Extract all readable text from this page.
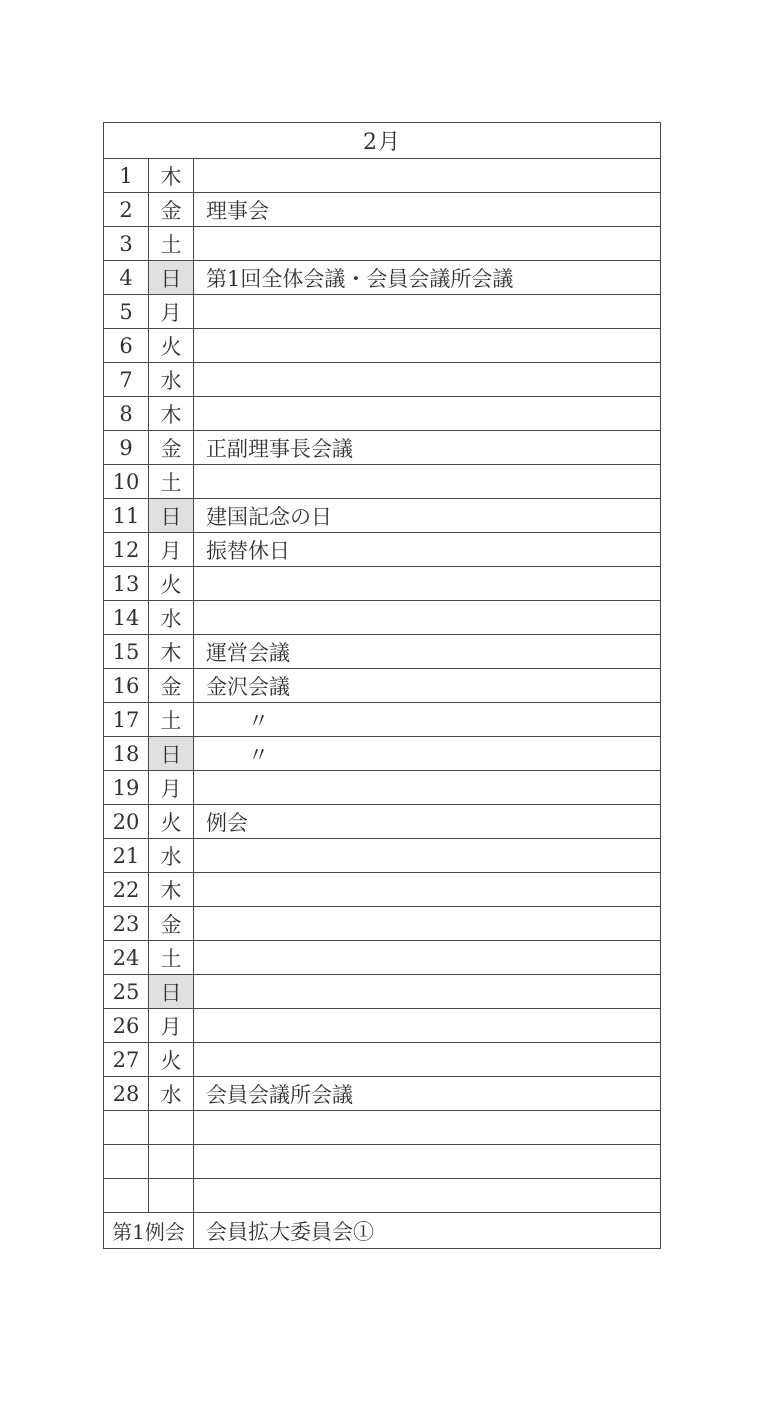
2月		
1	木	
2	金	理事会
3	土	
4	日	第1回全体会議・会員会議所会議
5	月	
6	火	
7	水	
8	木	
9	金	正副理事長会議
10	土	
11	日	建国記念の日
12	月	振替休日
13	火	
14	水	
15	木	運営会議
16	金	金沢会議
17	土	〃
18	日	〃
19	月	
20	火	例会
21	水	
22	木	
23	金	
24	土	
25	日	
26	月	
27	火	
28	水	会員会議所会議

第1例会		会員拡大委員会①
